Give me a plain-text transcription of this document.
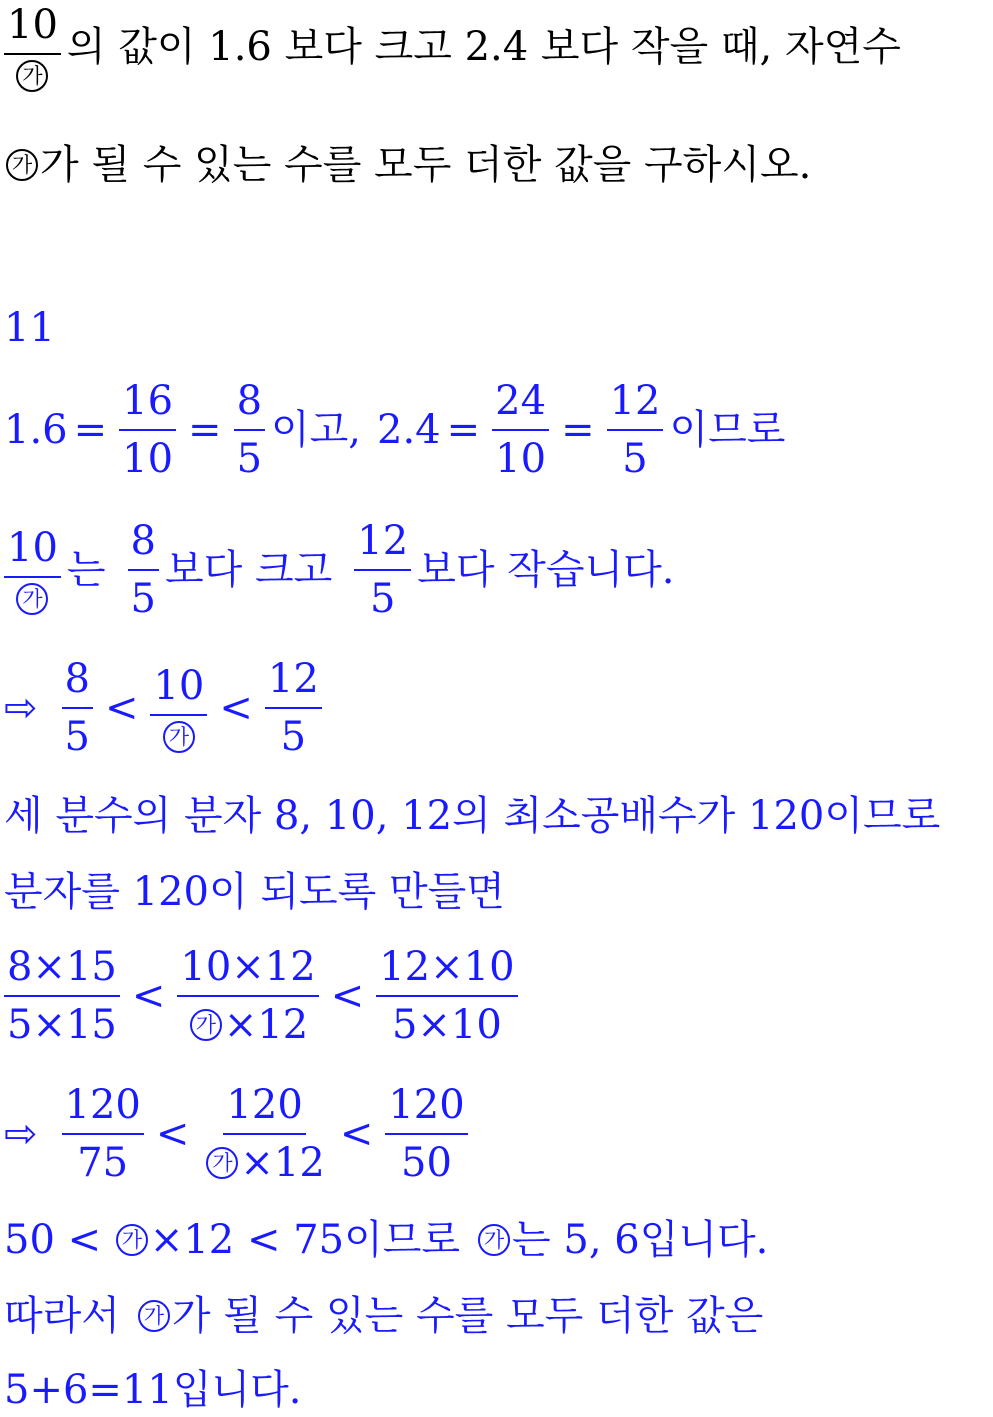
$\frac{10}{\text{가}}$ 의 값이 1.6 보다 크고 2.4 보다 작을 때, 자연수
가 가 될 수 있는 수를 모두 더한 값을 구하시오.
11
$1.6 = \frac{16}{10} = \frac{8}{5}$ 이고, $2.4 = \frac{24}{10} = \frac{12}{5}$ 이므로
$\frac{10}{\text{가}}$ 는 $\frac{8}{5}$ 보다 크고 $\frac{12}{5}$ 보다 작습니다.
⇨ $\frac{8}{5} < \frac{10}{\text{가}} < \frac{12}{5}$
세 분수의 분자 8, 10, 12의 최소공배수가 120이므로
분자를 120이 되도록 만들면
$\frac{8\times 15}{5\times 15} < \frac{10\times 12}{\text{가 ×12}} < \frac{12\times 10}{5\times 10}$
⇨ $\frac{120}{75} < \frac{120}{\text{가 ×12}} < \frac{120}{50}$
50 < 가 ×12 < 75이므로 가 는 5, 6입니다.
따라서 가 가 될 수 있는 수를 모두 더한 값은
5+6=11입니다.
